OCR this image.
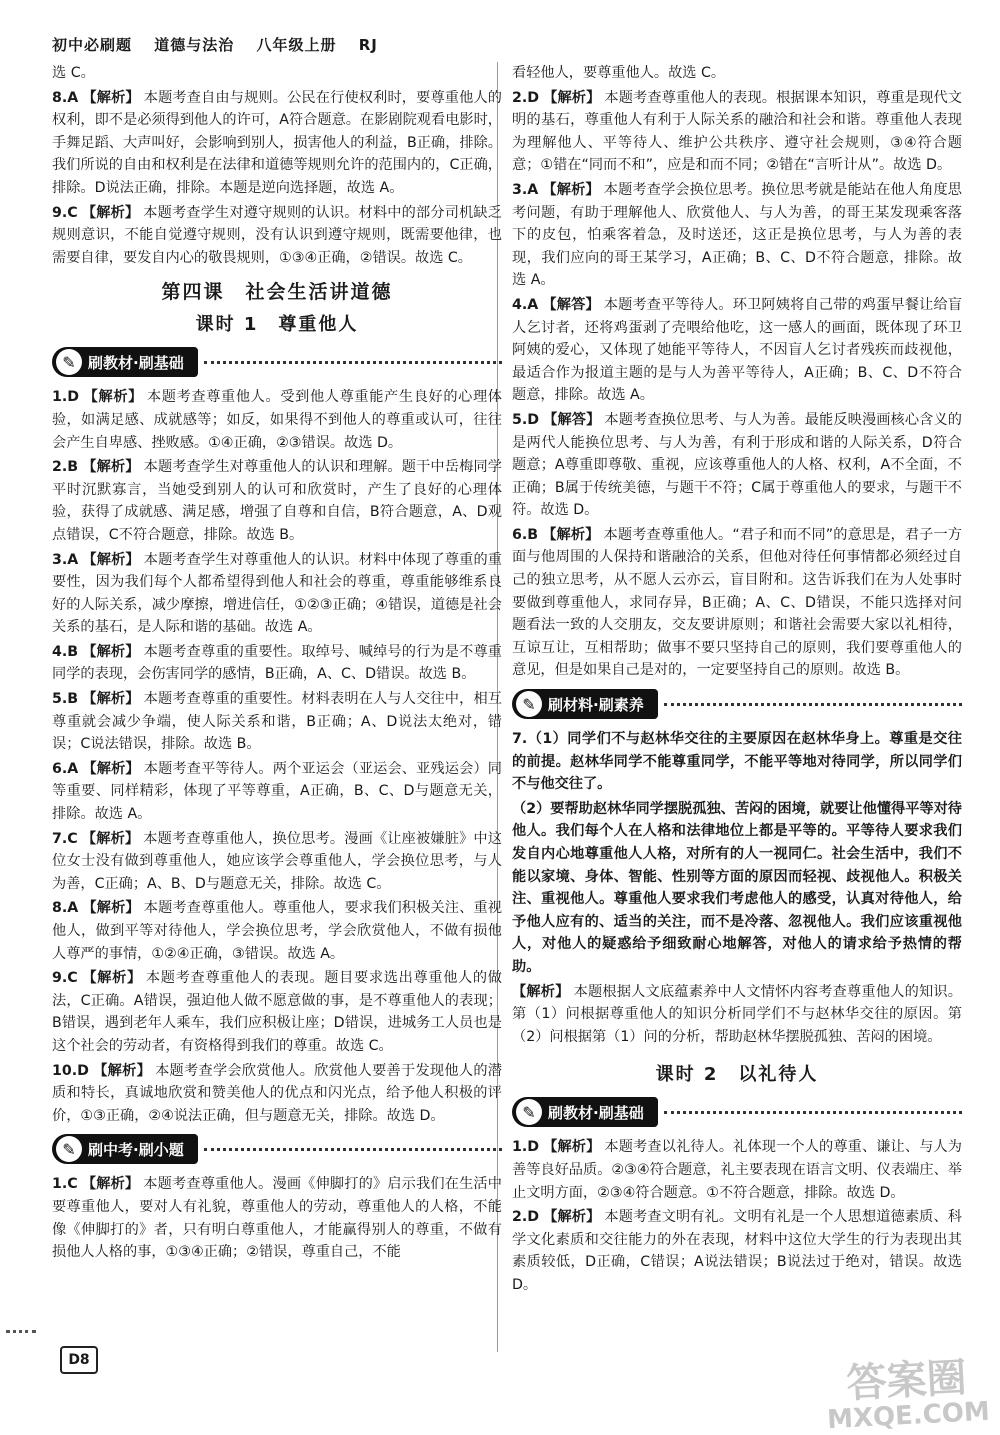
初中必刷题 道德与法治 八年级上册 RJ

选 C。

8.A 【解析】 本题考查自由与规则。公民在行使权利时，要尊重他人的权利，即不是必须得到他人的许可，A符合题意。在影剧院观看电影时，手舞足蹈、大声叫好，会影响到别人，损害他人的利益，B正确，排除。我们所说的自由和权利是在法律和道德等规则允许的范围内的，C正确，排除。D说法正确，排除。本题是逆向选择题，故选 A。

9.C 【解析】 本题考查学生对遵守规则的认识。材料中的部分司机缺乏规则意识，不能自觉遵守规则，没有认识到遵守规则，既需要他律，也需要自律，要发自内心的敬畏规则，①③④正确，②错误。故选 C。

第四课　社会生活讲道德
课时 1　尊重他人
✎ 刷教材·刷基础

1.D 【解析】 本题考查尊重他人。受到他人尊重能产生良好的心理体验，如满足感、成就感等；如反，如果得不到他人的尊重或认可，往往会产生自卑感、挫败感。①④正确，②③错误。故选 D。

2.B 【解析】 本题考查学生对尊重他人的认识和理解。题干中岳梅同学平时沉默寡言，当她受到别人的认可和欣赏时，产生了良好的心理体验，获得了成就感、满足感，增强了自尊和自信，B符合题意，A、D观点错误，C不符合题意，排除。故选 B。

3.A 【解析】 本题考查学生对尊重他人的认识。材料中体现了尊重的重要性，因为我们每个人都希望得到他人和社会的尊重，尊重能够维系良好的人际关系，减少摩擦，增进信任，①②③正确；④错误，道德是社会关系的基石，是人际和谐的基础。故选 A。

4.B 【解析】 本题考查尊重的重要性。取绰号、喊绰号的行为是不尊重同学的表现，会伤害同学的感情，B正确，A、C、D错误。故选 B。

5.B 【解析】 本题考查尊重的重要性。材料表明在人与人交往中，相互尊重就会减少争端，使人际关系和谐，B正确；A、D说法太绝对，错误；C说法错误，排除。故选 B。

6.A 【解析】 本题考查平等待人。两个亚运会（亚运会、亚残运会）同等重要、同样精彩，体现了平等尊重，A正确，B、C、D与题意无关，排除。故选 A。

7.C 【解析】 本题考查尊重他人，换位思考。漫画《让座被嫌脏》中这位女士没有做到尊重他人，她应该学会尊重他人，学会换位思考，与人为善，C正确；A、B、D与题意无关，排除。故选 C。

8.A 【解析】 本题考查尊重他人。尊重他人，要求我们积极关注、重视他人，做到平等对待他人，学会换位思考，学会欣赏他人，不做有损他人尊严的事情，①②④正确，③错误。故选 A。

9.C 【解析】 本题考查尊重他人的表现。题目要求选出尊重他人的做法，C正确。A错误，强迫他人做不愿意做的事，是不尊重他人的表现；B错误，遇到老年人乘车，我们应积极让座；D错误，进城务工人员也是这个社会的劳动者，有资格得到我们的尊重。故选 C。

10.D 【解析】 本题考查学会欣赏他人。欣赏他人要善于发现他人的潜质和特长，真诚地欣赏和赞美他人的优点和闪光点，给予他人积极的评价，①③正确，②④说法正确，但与题意无关，排除。故选 D。

✎ 刷中考·刷小题

1.C 【解析】 本题考查尊重他人。漫画《伸脚打的》启示我们在生活中要尊重他人，要对人有礼貌，尊重他人的劳动，尊重他人的人格，不能像《伸脚打的》者，只有明白尊重他人，才能赢得别人的尊重，不做有损他人人格的事，①③④正确；②错误，尊重自己，不能

看轻他人，要尊重他人。故选 C。

2.D 【解析】 本题考查尊重他人的表现。根据课本知识，尊重是现代文明的基石，尊重他人有利于人际关系的融洽和社会和谐。尊重他人表现为理解他人、平等待人、维护公共秩序、遵守社会规则，③④符合题意；①错在“同而不和”，应是和而不同；②错在“言听计从”。故选 D。

3.A 【解析】 本题考查学会换位思考。换位思考就是能站在他人角度思考问题，有助于理解他人、欣赏他人、与人为善，的哥王某发现乘客落下的皮包，怕乘客着急，及时送还，这正是换位思考，与人为善的表现，我们应向的哥王某学习，A正确；B、C、D不符合题意，排除。故选 A。

4.A 【解答】 本题考查平等待人。环卫阿姨将自己带的鸡蛋早餐让给盲人乞讨者，还将鸡蛋剥了壳喂给他吃，这一感人的画面，既体现了环卫阿姨的爱心，又体现了她能平等待人，不因盲人乞讨者残疾而歧视他，最适合作为报道主题的是与人为善平等待人，A正确；B、C、D不符合题意，排除。故选 A。

5.D 【解答】 本题考查换位思考、与人为善。最能反映漫画核心含义的是两代人能换位思考、与人为善，有利于形成和谐的人际关系，D符合题意；A尊重即尊敬、重视，应该尊重他人的人格、权利，A不全面，不正确；B属于传统美德，与题干不符；C属于尊重他人的要求，与题干不符。故选 D。

6.B 【解析】 本题考查尊重他人。“君子和而不同”的意思是，君子一方面与他周围的人保持和谐融洽的关系，但他对待任何事情都必须经过自己的独立思考，从不愿人云亦云，盲目附和。这告诉我们在为人处事时要做到尊重他人，求同存异，B正确；A、C、D错误，不能只选择对问题看法一致的人交朋友，交友要讲原则；和谐社会需要大家以礼相待，互谅互让，互相帮助；做事不要只坚持自己的原则，我们要尊重他人的意见，但是如果自己是对的，一定要坚持自己的原则。故选 B。

✎ 刷材料·刷素养

7.（1）同学们不与赵林华交往的主要原因在赵林华身上。尊重是交往的前提。赵林华同学不能尊重同学，不能平等地对待同学，所以同学们不与他交往了。

（2）要帮助赵林华同学摆脱孤独、苦闷的困境，就要让他懂得平等对待他人。我们每个人在人格和法律地位上都是平等的。平等待人要求我们发自内心地尊重他人人格，对所有的人一视同仁。社会生活中，我们不能以家境、身体、智能、性别等方面的原因而轻视、歧视他人。积极关注、重视他人。尊重他人要求我们考虑他人的感受，认真对待他人，给予他人应有的、适当的关注，而不是冷落、忽视他人。我们应该重视他人，对他人的疑惑给予细致耐心地解答，对他人的请求给予热情的帮助。

【解析】 本题根据人文底蕴素养中人文情怀内容考查尊重他人的知识。第（1）问根据尊重他人的知识分析同学们不与赵林华交往的原因。第（2）问根据第（1）问的分析，帮助赵林华摆脱孤独、苦闷的困境。

课时 2　以礼待人
✎ 刷教材·刷基础

1.D 【解析】 本题考查以礼待人。礼体现一个人的尊重、谦让、与人为善等良好品质。②③④符合题意，礼主要表现在语言文明、仪表端庄、举止文明方面，②③④符合题意。①不符合题意，排除。故选 D。

2.D 【解析】 本题考查文明有礼。文明有礼是一个人思想道德素质、科学文化素质和交往能力的外在表现，材料中这位大学生的行为表现出其素质较低，D正确，C错误；A说法错误；B说法过于绝对，错误。故选 D。

D8	答案圈
MXQE.COM
